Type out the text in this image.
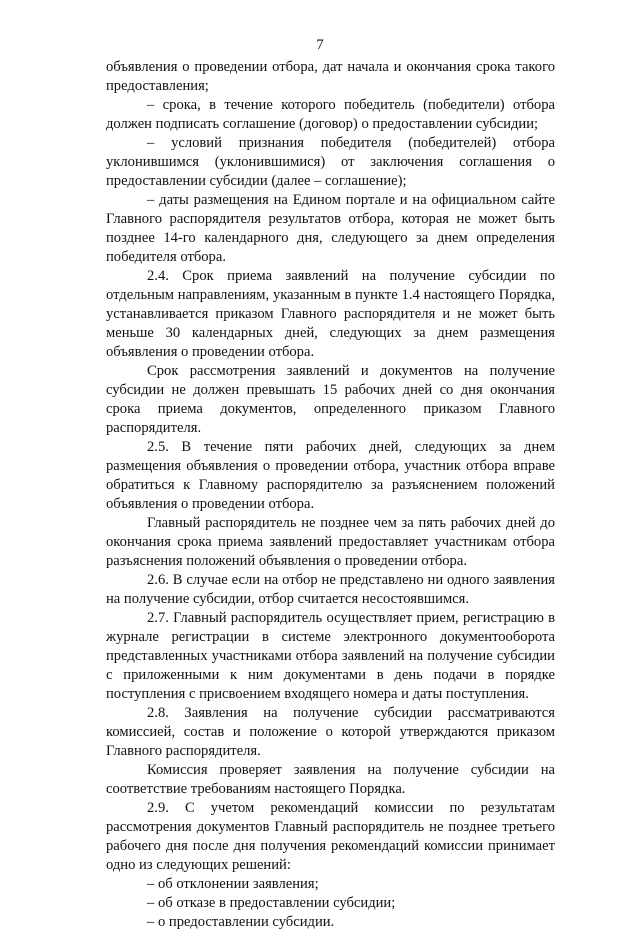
7

объявления о проведении отбора, дат начала и окончания срока такого предоставления;

– срока, в течение которого победитель (победители) отбора должен подписать соглашение (договор) о предоставлении субсидии;

– условий признания победителя (победителей) отбора уклонившимся (уклонившимися) от заключения соглашения о предоставлении субсидии (далее – соглашение);

– даты размещения на Едином портале и на официальном сайте Главного распорядителя результатов отбора, которая не может быть позднее 14-го календарного дня, следующего за днем определения победителя отбора.

2.4. Срок приема заявлений на получение субсидии по отдельным направлениям, указанным в пункте 1.4 настоящего Порядка, устанавливается приказом Главного распорядителя и не может быть меньше 30 календарных дней, следующих за днем размещения объявления о проведении отбора.

Срок рассмотрения заявлений и документов на получение субсидии не должен превышать 15 рабочих дней со дня окончания срока приема документов, определенного приказом Главного распорядителя.

2.5. В течение пяти рабочих дней, следующих за днем размещения объявления о проведении отбора, участник отбора вправе обратиться к Главному распорядителю за разъяснением положений объявления о проведении отбора.

Главный распорядитель не позднее чем за пять рабочих дней до окончания срока приема заявлений предоставляет участникам отбора разъяснения положений объявления о проведении отбора.

2.6. В случае если на отбор не представлено ни одного заявления на получение субсидии, отбор считается несостоявшимся.

2.7. Главный распорядитель осуществляет прием, регистрацию в журнале регистрации в системе электронного документооборота представленных участниками отбора заявлений на получение субсидии с приложенными к ним документами в день подачи в порядке поступления с присвоением входящего номера и даты поступления.

2.8. Заявления на получение субсидии рассматриваются комиссией, состав и положение о которой утверждаются приказом Главного распорядителя.

Комиссия проверяет заявления на получение субсидии на соответствие требованиям настоящего Порядка.

2.9. С учетом рекомендаций комиссии по результатам рассмотрения документов Главный распорядитель не позднее третьего рабочего дня после дня получения рекомендаций комиссии принимает одно из следующих решений:

– об отклонении заявления;

– об отказе в предоставлении субсидии;

– о предоставлении субсидии.
